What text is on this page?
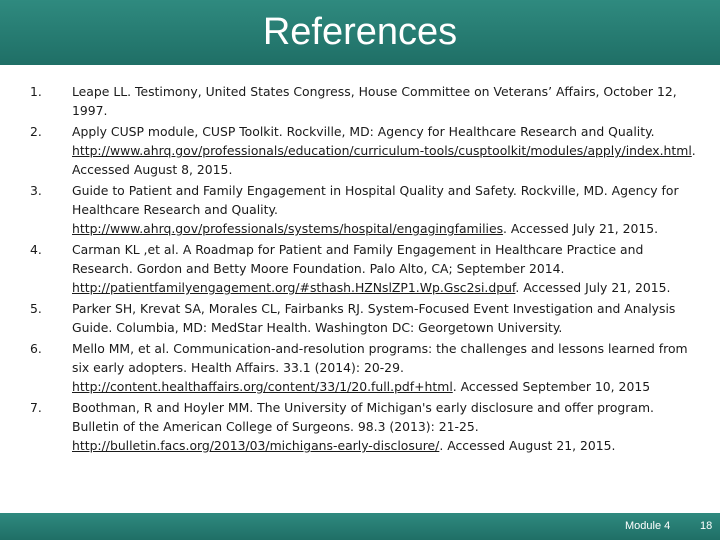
References
1.	Leape LL. Testimony, United States Congress, House Committee on Veterans’ Affairs, October 12, 1997.
2.	Apply CUSP module, CUSP Toolkit. Rockville, MD: Agency for Healthcare Research and Quality. http://www.ahrq.gov/professionals/education/curriculum-tools/cusptoolkit/modules/apply/index.html. Accessed August 8, 2015.
3.	Guide to Patient and Family Engagement in Hospital Quality and Safety. Rockville, MD. Agency for Healthcare Research and Quality. http://www.ahrq.gov/professionals/systems/hospital/engagingfamilies. Accessed July 21, 2015.
4.	Carman KL ,et al. A Roadmap for Patient and Family Engagement in Healthcare Practice and Research. Gordon and Betty Moore Foundation. Palo Alto, CA; September 2014. http://patientfamilyengagement.org/#sthash.HZNslZP1.Wp.Gsc2si.dpuf. Accessed July 21, 2015.
5.	Parker SH, Krevat SA, Morales CL, Fairbanks RJ. System-Focused Event Investigation and Analysis Guide. Columbia, MD: MedStar Health. Washington DC: Georgetown University.
6.	Mello MM, et al. Communication-and-resolution programs: the challenges and lessons learned from six early adopters. Health Affairs. 33.1 (2014): 20-29. http://content.healthaffairs.org/content/33/1/20.full.pdf+html. Accessed September 10, 2015
7.	Boothman, R and Hoyler MM. The University of Michigan's early disclosure and offer program. Bulletin of the American College of Surgeons. 98.3 (2013): 21-25. http://bulletin.facs.org/2013/03/michigans-early-disclosure/. Accessed August 21, 2015.
Module 4	18
